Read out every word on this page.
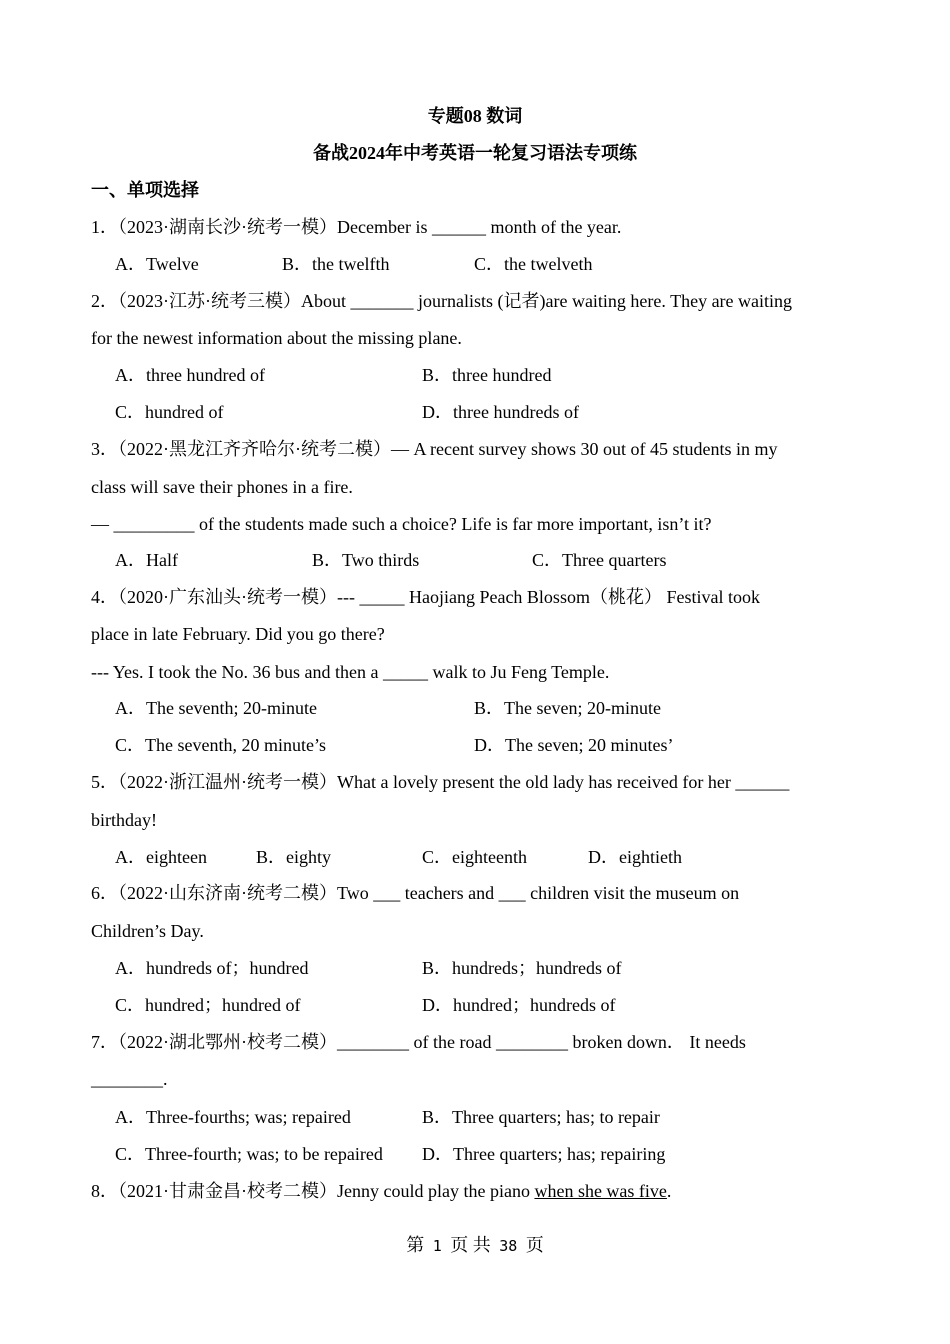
专题08 数词
备战2024年中考英语一轮复习语法专项练
一、单项选择
1．（2023·湖南长沙·统考一模）December is ______ month of the year.
A．Twelve	B．the twelfth	C．the twelveth
2．（2023·江苏·统考三模）About _______ journalists (记者)are waiting here. They are waiting
for the newest information about the missing plane.
A．three hundred of	B．three hundred
C．hundred of	D．three hundreds of
3．（2022·黑龙江齐齐哈尔·统考二模）— A recent survey shows 30 out of 45 students in my
class will save their phones in a fire.
— _________ of the students made such a choice? Life is far more important, isn’t it?
A．Half	B．Two thirds	C．Three quarters
4．（2020·广东汕头·统考一模）--- _____ Haojiang Peach Blossom（桃花） Festival took
place in late February. Did you go there?
--- Yes. I took the No. 36 bus and then a _____ walk to Ju Feng Temple.
A．The seventh; 20-minute	B．The seven; 20-minute
C．The seventh, 20 minute’s	D．The seven; 20 minutes’
5．（2022·浙江温州·统考一模）What a lovely present the old lady has received for her ______
birthday!
A．eighteen	B．eighty	C．eighteenth	D．eightieth
6．（2022·山东济南·统考二模）Two ___ teachers and ___ children visit the museum on
Children’s Day.
A．hundreds of；hundred	B．hundreds；hundreds of
C．hundred；hundred of	D．hundred；hundreds of
7．（2022·湖北鄂州·校考二模）________ of the road ________ broken down． It needs
________.
A．Three-fourths; was; repaired	B．Three quarters; has; to repair
C．Three-fourth; was; to be repaired D．Three quarters; has; repairing
8．（2021·甘肃金昌·校考二模）Jenny could play the piano when she was five.
第 1 页 共 38 页
